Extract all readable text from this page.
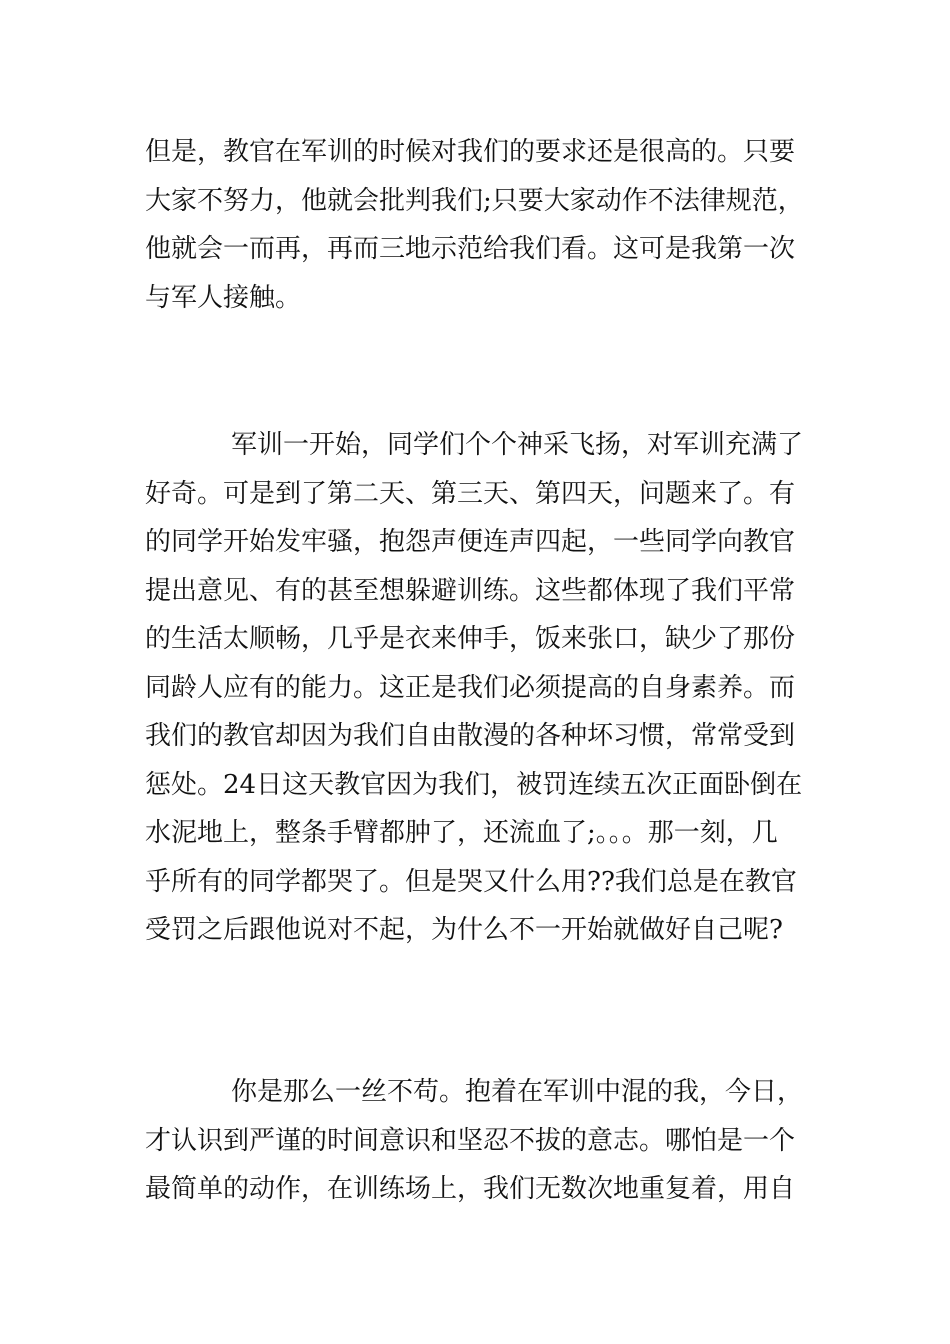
但是，教官在军训的时候对我们的要求还是很高的。只要
大家不努力，他就会批判我们;只要大家动作不法律规范，
他就会一而再，再而三地示范给我们看。这可是我第一次
与军人接触。
军训一开始，同学们个个神采飞扬，对军训充满了
好奇。可是到了第二天、第三天、第四天，问题来了。有
的同学开始发牢骚，抱怨声便连声四起，一些同学向教官
提出意见、有的甚至想躲避训练。这些都体现了我们平常
的生活太顺畅，几乎是衣来伸手，饭来张口，缺少了那份
同龄人应有的能力。这正是我们必须提高的自身素养。而
我们的教官却因为我们自由散漫的各种坏习惯，常常受到
惩处。24日这天教官因为我们，被罚连续五次正面卧倒在
水泥地上，整条手臂都肿了，还流血了;。。。那一刻，几
乎所有的同学都哭了。但是哭又什么用??我们总是在教官
受罚之后跟他说对不起，为什么不一开始就做好自己呢?
你是那么一丝不苟。抱着在军训中混的我，今日，
才认识到严谨的时间意识和坚忍不拔的意志。哪怕是一个
最简单的动作，在训练场上，我们无数次地重复着，用自
